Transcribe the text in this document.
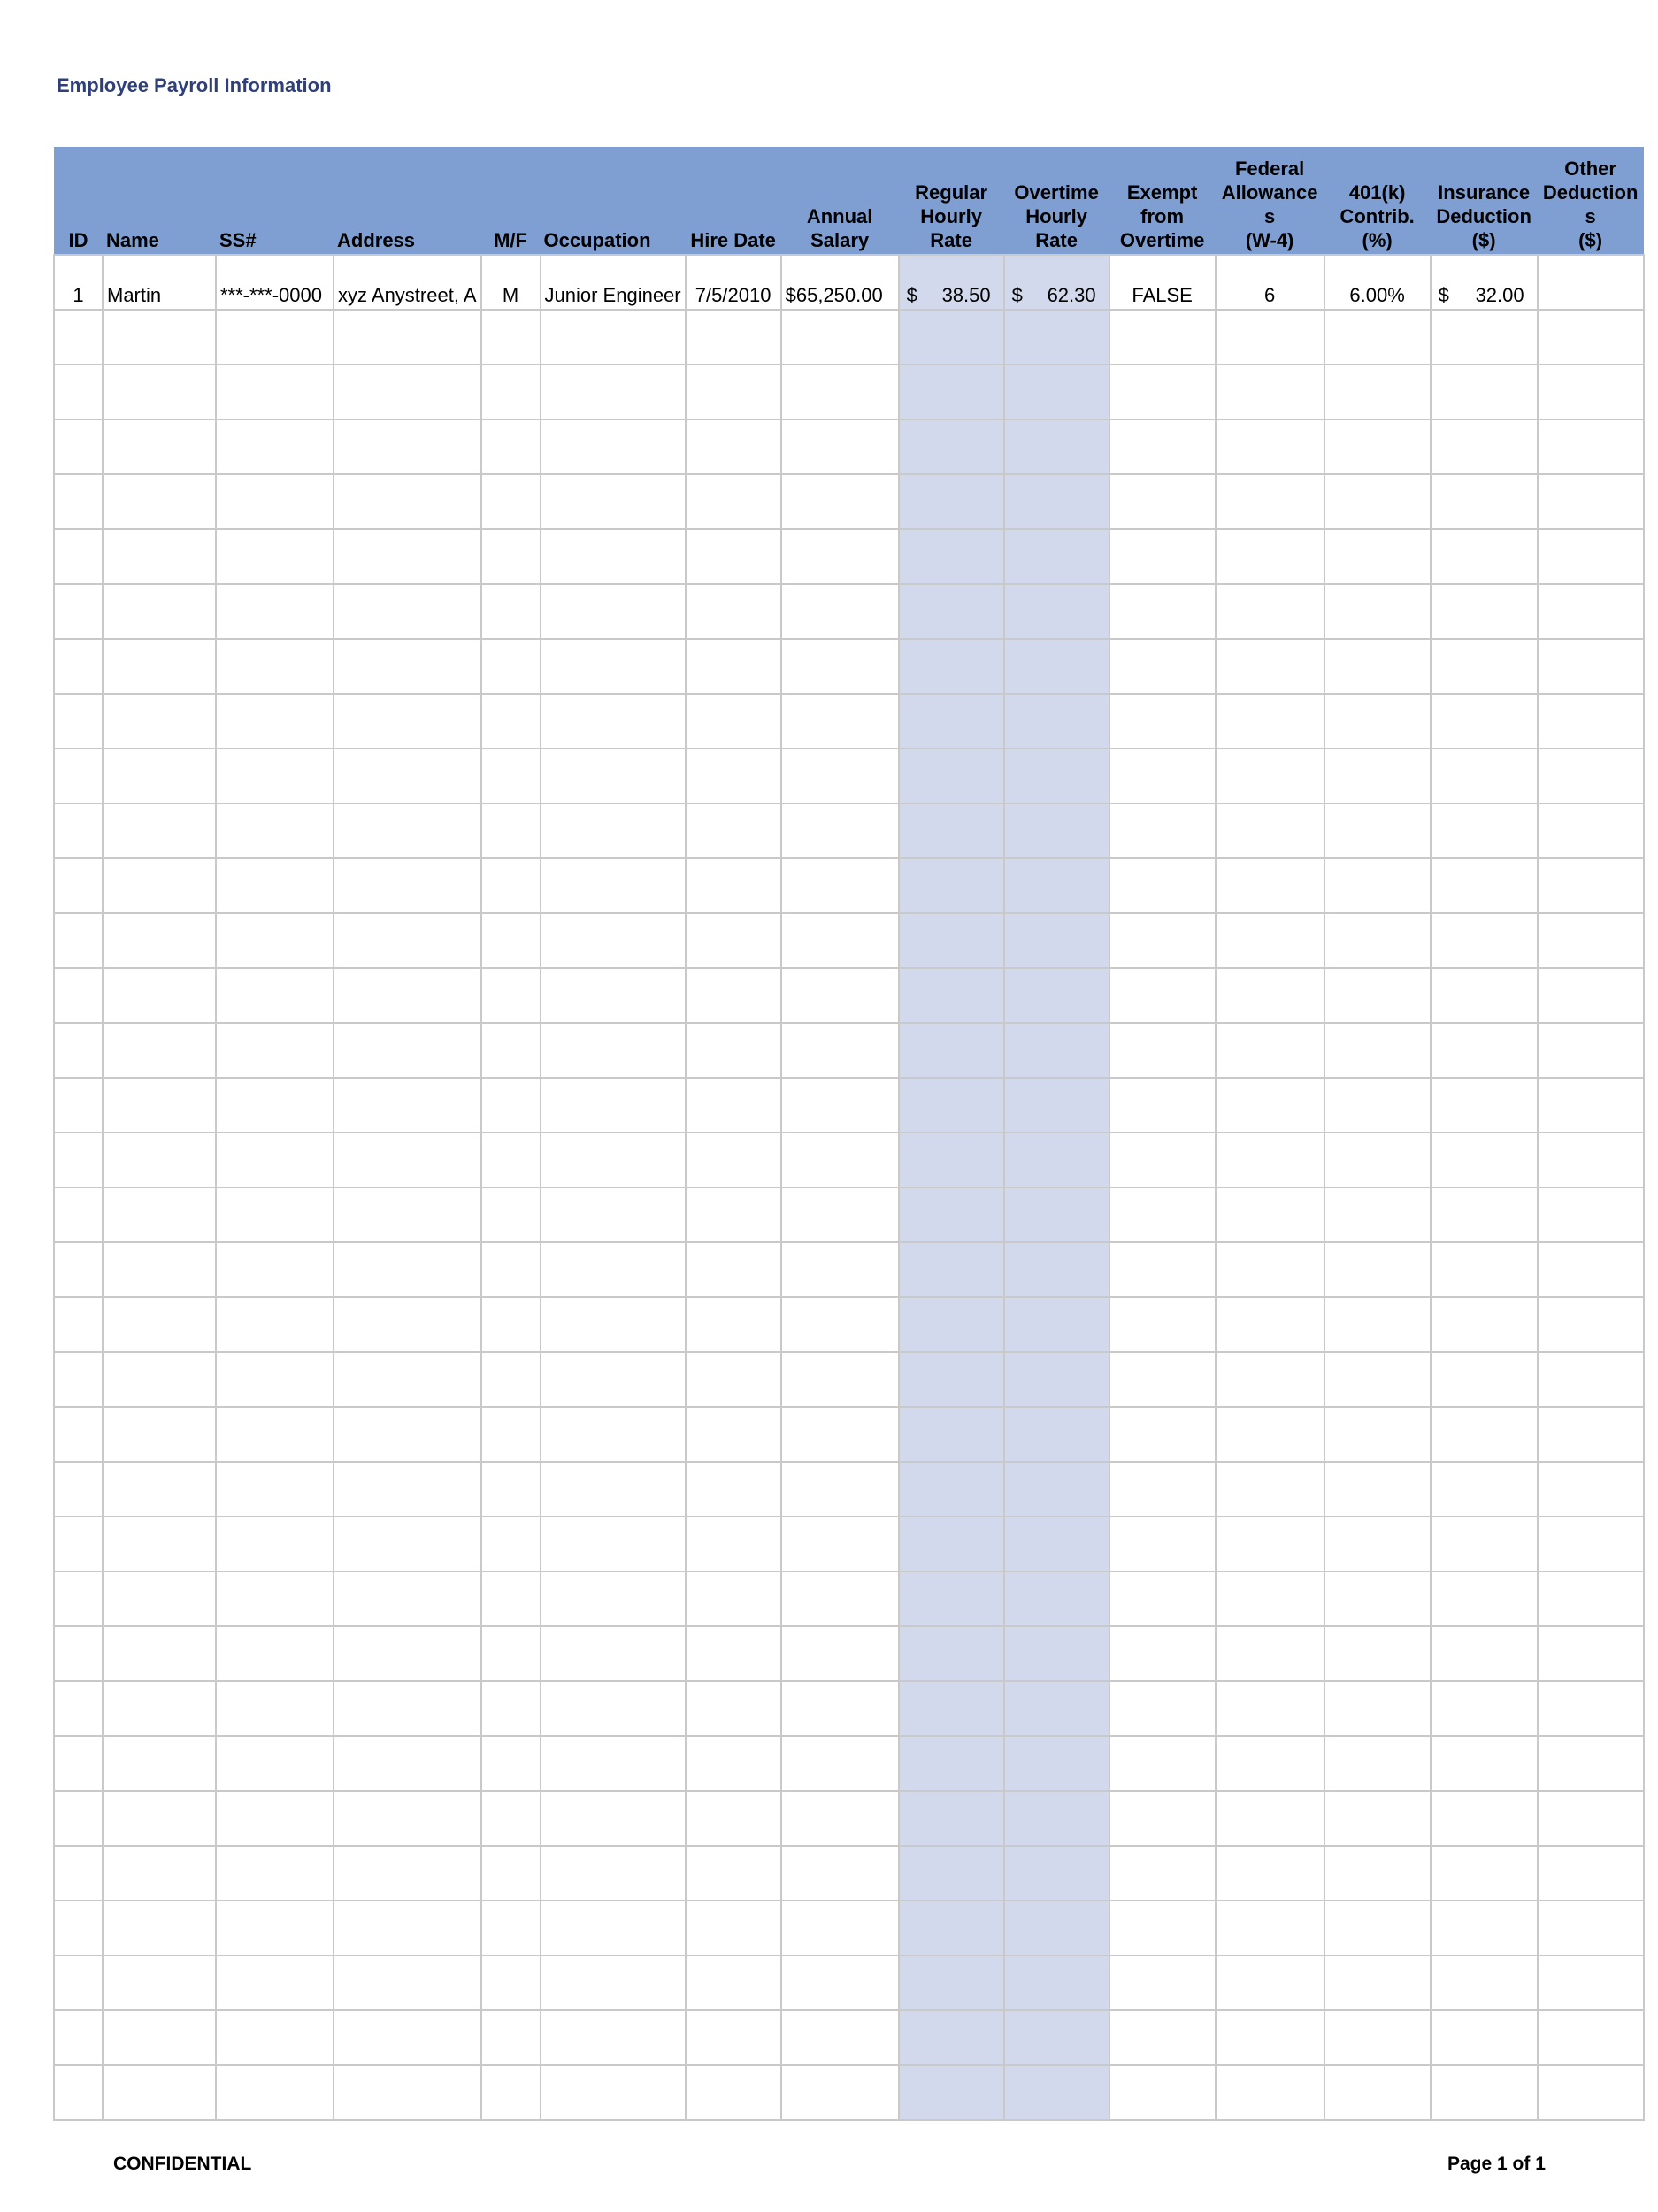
Employee Payroll Information
ID	Name	SS#	Address	M/F	Occupation	Hire Date	Annual
Salary	Regular
Hourly
Rate	Overtime
Hourly
Rate	Exempt
from
Overtime	Federal
Allowance
s
(W-4)	401(k)
Contrib.
(%)	Insurance
Deduction
($)	Other
Deduction
s
($)
1	Martin	***-***-0000	xyz Anystreet, A	M	Junior Engineer	7/5/2010	$65,250.00	$ 38.50	$ 62.30	FALSE	6	6.00%	$ 32.00	

CONFIDENTIAL	Page 1 of 1
